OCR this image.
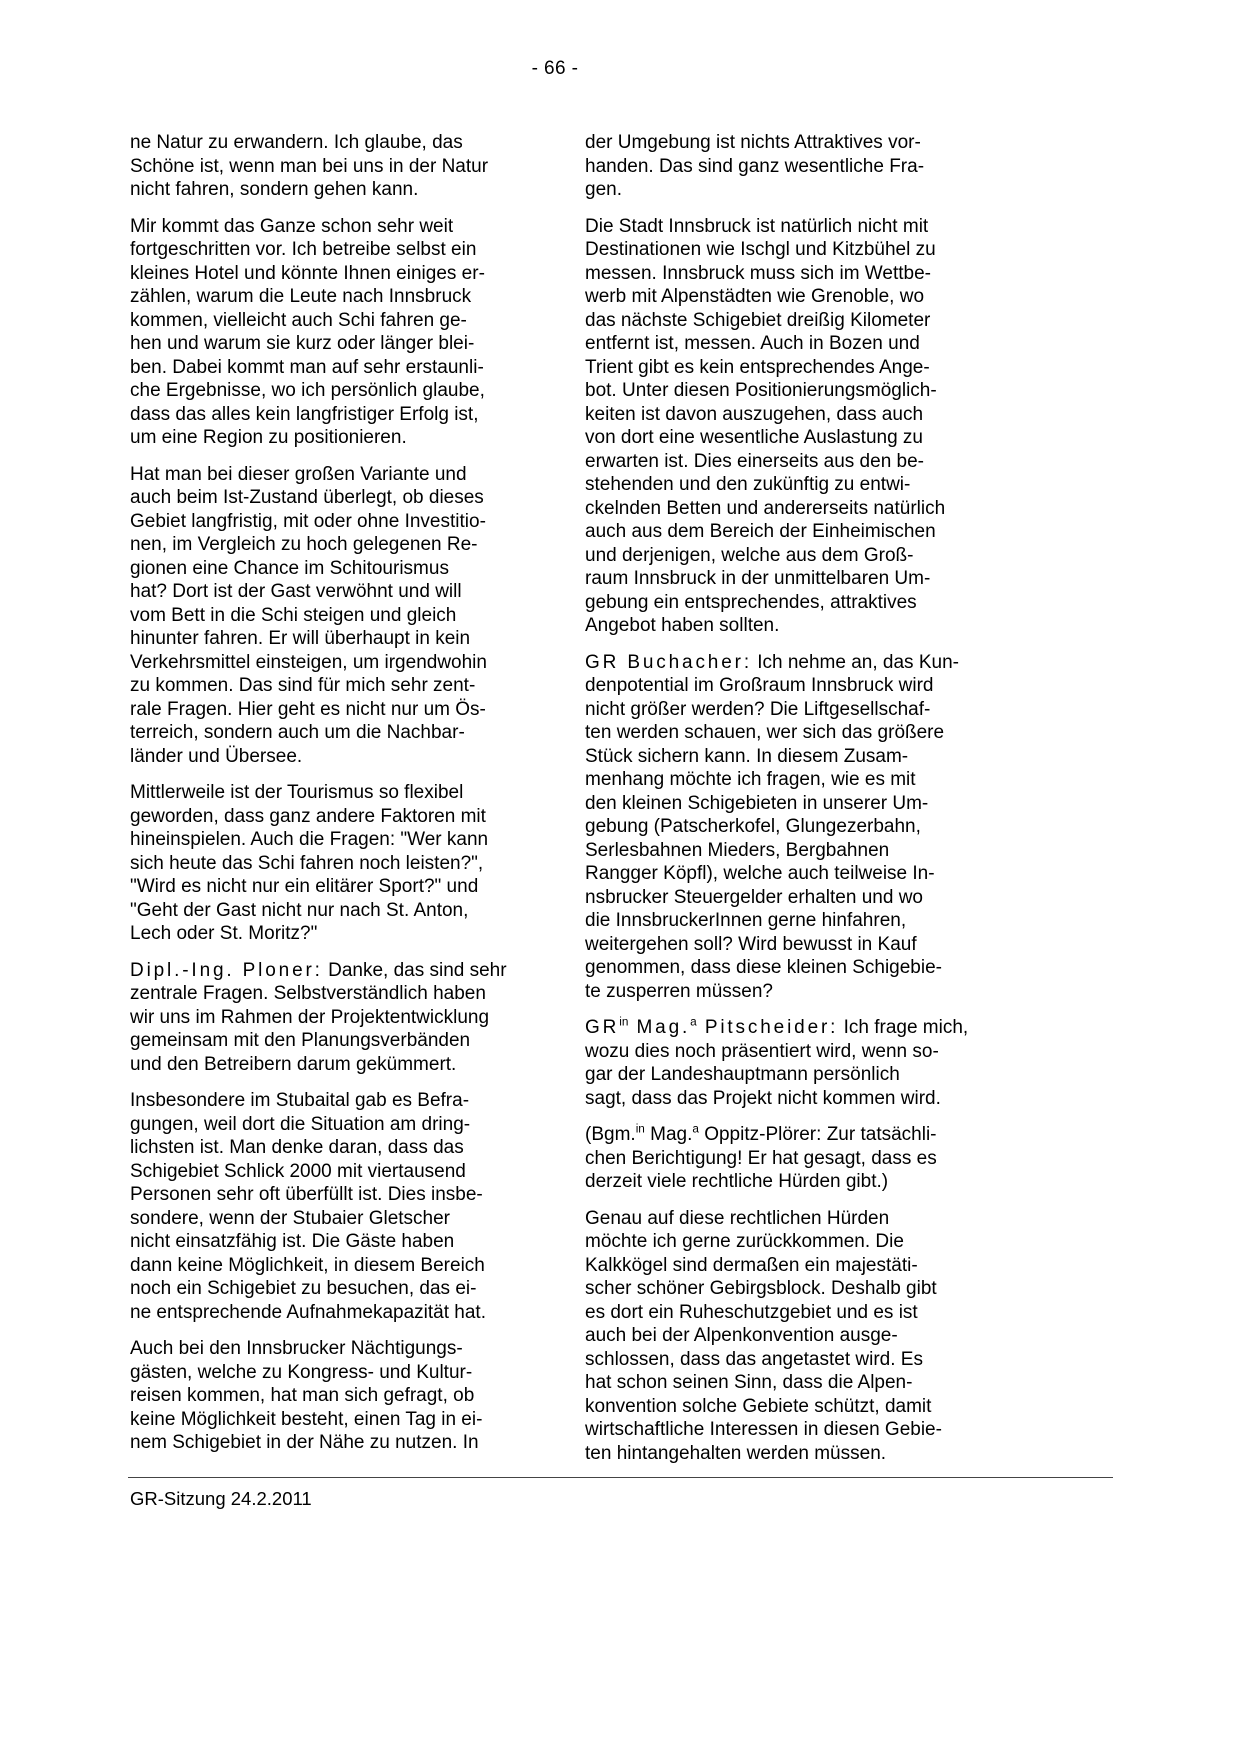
- 66 -

ne Natur zu erwandern. Ich glaube, das
Schöne ist, wenn man bei uns in der Natur
nicht fahren, sondern gehen kann.

Mir kommt das Ganze schon sehr weit
fortgeschritten vor. Ich betreibe selbst ein
kleines Hotel und könnte Ihnen einiges er-
zählen, warum die Leute nach Innsbruck
kommen, vielleicht auch Schi fahren ge-
hen und warum sie kurz oder länger blei-
ben. Dabei kommt man auf sehr erstaunli-
che Ergebnisse, wo ich persönlich glaube,
dass das alles kein langfristiger Erfolg ist,
um eine Region zu positionieren.

Hat man bei dieser großen Variante und
auch beim Ist-Zustand überlegt, ob dieses
Gebiet langfristig, mit oder ohne Investitio-
nen, im Vergleich zu hoch gelegenen Re-
gionen eine Chance im Schitourismus
hat? Dort ist der Gast verwöhnt und will
vom Bett in die Schi steigen und gleich
hinunter fahren. Er will überhaupt in kein
Verkehrsmittel einsteigen, um irgendwohin
zu kommen. Das sind für mich sehr zent-
rale Fragen. Hier geht es nicht nur um Ös-
terreich, sondern auch um die Nachbar-
länder und Übersee.

Mittlerweile ist der Tourismus so flexibel
geworden, dass ganz andere Faktoren mit
hineinspielen. Auch die Fragen: "Wer kann
sich heute das Schi fahren noch leisten?",
"Wird es nicht nur ein elitärer Sport?" und
"Geht der Gast nicht nur nach St. Anton,
Lech oder St. Moritz?"

Dipl.-Ing. Ploner: Danke, das sind sehr
zentrale Fragen. Selbstverständlich haben
wir uns im Rahmen der Projektentwicklung
gemeinsam mit den Planungsverbänden
und den Betreibern darum gekümmert.

Insbesondere im Stubaital gab es Befra-
gungen, weil dort die Situation am dring-
lichsten ist. Man denke daran, dass das
Schigebiet Schlick 2000 mit viertausend
Personen sehr oft überfüllt ist. Dies insbe-
sondere, wenn der Stubaier Gletscher
nicht einsatzfähig ist. Die Gäste haben
dann keine Möglichkeit, in diesem Bereich
noch ein Schigebiet zu besuchen, das ei-
ne entsprechende Aufnahmekapazität hat.

Auch bei den Innsbrucker Nächtigungs-
gästen, welche zu Kongress- und Kultur-
reisen kommen, hat man sich gefragt, ob
keine Möglichkeit besteht, einen Tag in ei-
nem Schigebiet in der Nähe zu nutzen. In

der Umgebung ist nichts Attraktives vor-
handen. Das sind ganz wesentliche Fra-
gen.

Die Stadt Innsbruck ist natürlich nicht mit
Destinationen wie Ischgl und Kitzbühel zu
messen. Innsbruck muss sich im Wettbe-
werb mit Alpenstädten wie Grenoble, wo
das nächste Schigebiet dreißig Kilometer
entfernt ist, messen. Auch in Bozen und
Trient gibt es kein entsprechendes Ange-
bot. Unter diesen Positionierungsmöglich-
keiten ist davon auszugehen, dass auch
von dort eine wesentliche Auslastung zu
erwarten ist. Dies einerseits aus den be-
stehenden und den zukünftig zu entwi-
ckelnden Betten und andererseits natürlich
auch aus dem Bereich der Einheimischen
und derjenigen, welche aus dem Groß-
raum Innsbruck in der unmittelbaren Um-
gebung ein entsprechendes, attraktives
Angebot haben sollten.

GR Buchacher: Ich nehme an, das Kun-
denpotential im Großraum Innsbruck wird
nicht größer werden? Die Liftgesellschaf-
ten werden schauen, wer sich das größere
Stück sichern kann. In diesem Zusam-
menhang möchte ich fragen, wie es mit
den kleinen Schigebieten in unserer Um-
gebung (Patscherkofel, Glungezerbahn,
Serlesbahnen Mieders, Bergbahnen
Rangger Köpfl), welche auch teilweise In-
nsbrucker Steuergelder erhalten und wo
die InnsbruckerInnen gerne hinfahren,
weitergehen soll? Wird bewusst in Kauf
genommen, dass diese kleinen Schigebie-
te zusperren müssen?

$GR^{in}$ Mag.$^a$ Pitscheider: Ich frage mich,
wozu dies noch präsentiert wird, wenn so-
gar der Landeshauptmann persönlich
sagt, dass das Projekt nicht kommen wird.

(Bgm.$^{in}$ Mag.$^a$ Oppitz-Plörer: Zur tatsächli-
chen Berichtigung! Er hat gesagt, dass es
derzeit viele rechtliche Hürden gibt.)

Genau auf diese rechtlichen Hürden
möchte ich gerne zurückkommen. Die
Kalkkögel sind dermaßen ein majestäti-
scher schöner Gebirgsblock. Deshalb gibt
es dort ein Ruheschutzgebiet und es ist
auch bei der Alpenkonvention ausge-
schlossen, dass das angetastet wird. Es
hat schon seinen Sinn, dass die Alpen-
konvention solche Gebiete schützt, damit
wirtschaftliche Interessen in diesen Gebie-
ten hintangehalten werden müssen.

GR-Sitzung 24.2.2011
